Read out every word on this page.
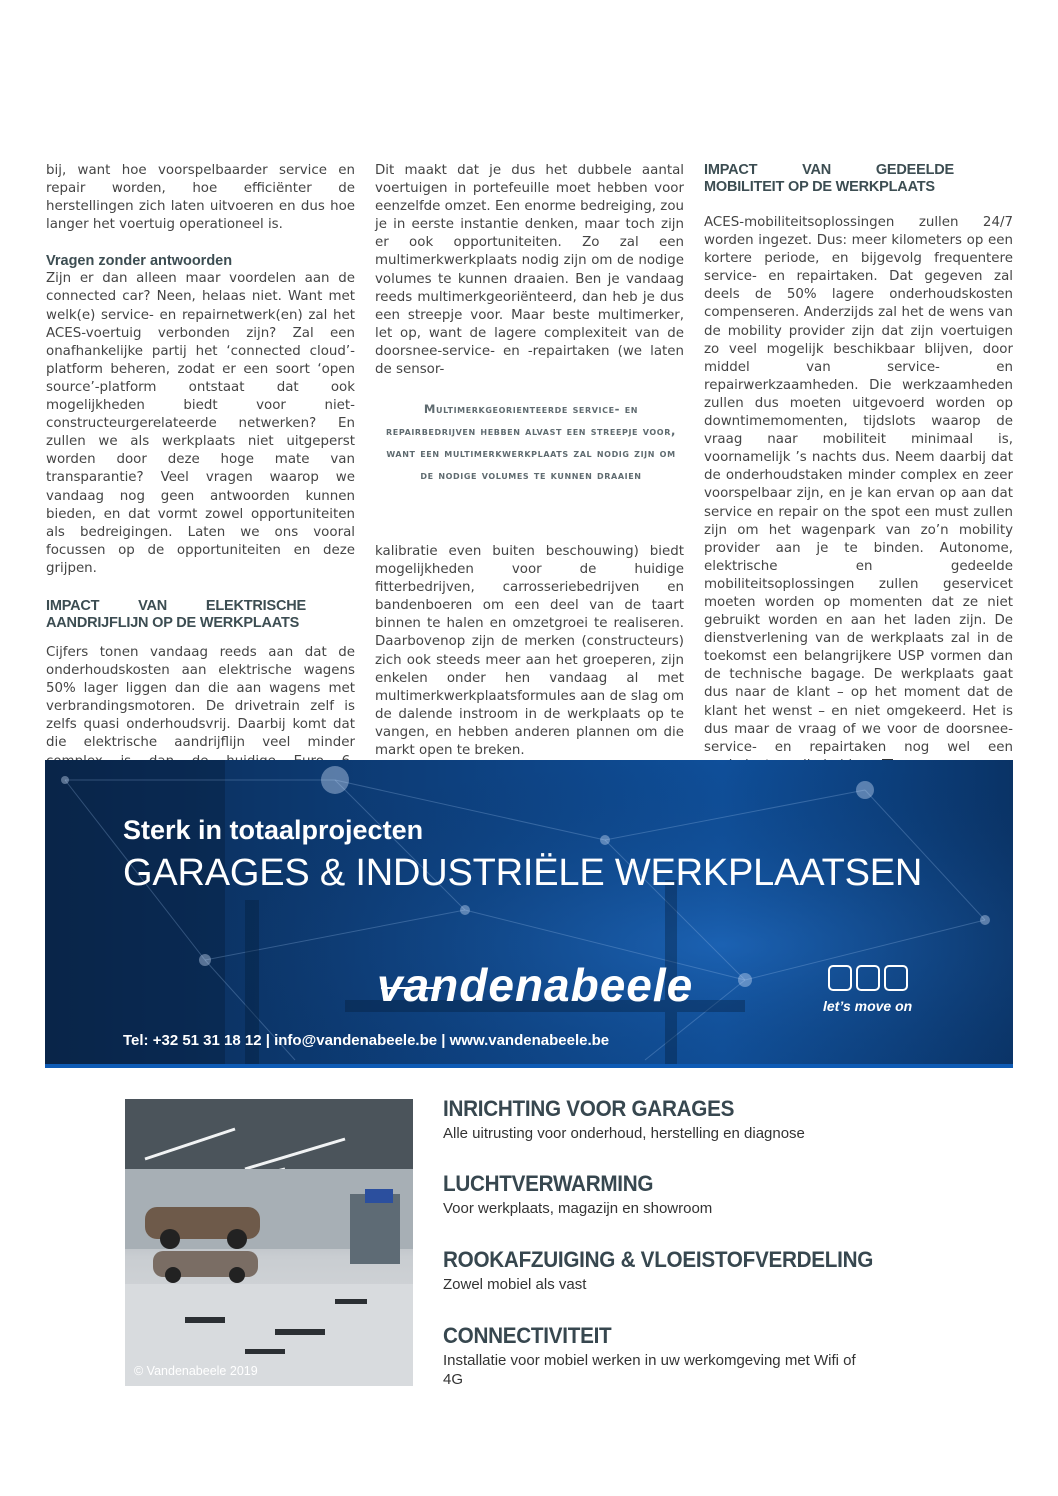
bij, want hoe voorspelbaarder service en repair worden, hoe efficiënter de herstellingen zich laten uitvoeren en dus hoe langer het voertuig operationeel is.

Vragen zonder antwoorden

Zijn er dan alleen maar voordelen aan de connected car? Neen, helaas niet. Want met welk(e) service- en repairnetwerk(en) zal het ACES-voertuig verbonden zijn? Zal een onafhankelijke partij het ‘connected cloud’-platform beheren, zodat er een soort ‘open source’-platform ontstaat dat ook mogelijkheden biedt voor niet-constructeurgerelateerde netwerken? En zullen we als werkplaats niet uitgeperst worden door deze hoge mate van transparantie? Veel vragen waarop we vandaag nog geen antwoorden kunnen bieden, en dat vormt zowel opportuniteiten als bedreigingen. Laten we ons vooral focussen op de opportuniteiten en deze grijpen.

IMPACT VAN ELEKTRISCHE AANDRIJFLIJN OP DE WERKPLAATS

Cijfers tonen vandaag reeds aan dat de onderhoudskosten aan elektrische wagens 50% lager liggen dan die aan wagens met verbrandingsmotoren. De drivetrain zelf is zelfs quasi onderhoudsvrij. Daarbij komt dat die elektrische aandrijflijn veel minder

Dit maakt dat je dus het dubbele aantal voertuigen in portefeuille moet hebben voor eenzelfde omzet. Een enorme bedreiging, zou je in eerste instantie denken, maar toch zijn er ook opportuniteiten. Zo zal een multimerkwerkplaats nodig zijn om de nodige volumes te kunnen draaien. Ben je vandaag reeds multimerkgeoriënteerd, dan heb je dus een streepje voor. Maar beste multimerker, let op, want de lagere complexiteit van de doorsnee-service- en -repairtaken (we laten de sensor-

Multimerkgeorienteerde service- en repairbedrijven hebben alvast een streepje voor, want een multimerkwerkplaats zal nodig zijn om de nodige volumes te kunnen draaien

kalibratie even buiten beschouwing) biedt mogelijkheden voor de huidige fitterbedrijven, carrosseriebedrijven en bandenboeren om een deel van de taart binnen te halen en omzetgroei te realiseren. Daarbovenop zijn de merken (constructeurs) zich ook steeds meer aan het groeperen, zijn enkelen onder hen vandaag al met multimerkwerkplaatsformules aan de slag om de dalende instroom in de werkplaats op te vangen, en hebben anderen plannen om die markt open te breken.

IMPACT VAN GEDEELDE MOBILITEIT OP DE WERKPLAATS

ACES-mobiliteitsoplossingen zullen 24/7 worden ingezet. Dus: meer kilometers op een kortere periode, en bijgevolg frequentere service- en repairtaken. Dat gegeven zal deels de 50% lagere onderhoudskosten compenseren. Anderzijds zal het de wens van de mobility provider zijn dat zijn voertuigen zo veel mogelijk beschikbaar blijven, door middel van service- en repairwerkzaamheden. Die werkzaamheden zullen dus moeten uitgevoerd worden op downtimemomenten, tijdslots waarop de vraag naar mobiliteit minimaal is, voornamelijk ’s nachts dus. Neem daarbij dat de onderhoudstaken minder complex en zeer voorspelbaar zijn, en je kan ervan op aan dat service en repair on the spot een must zullen zijn om het wagenpark van zo’n mobility provider aan je te binden. Autonome, elektrische en gedeelde mobiliteitsoplossingen zullen geservicet moeten worden op momenten dat ze niet gebruikt worden en aan het laden zijn. De dienstverlening van de werkplaats zal in de toekomst een belangrijkere USP vormen dan de technische bagage. De werkplaats gaat dus naar de klant – op het moment dat de klant het wenst – en niet omgekeerd. Het is dus maar de vraag of we voor de doorsnee-service- en repairtaken nog wel een

Sterk in totaalprojecten
GARAGES & INDUSTRIËLE WERKPLAATSEN
vandenabeele	let’s move on
Tel: +32 51 31 18 12 | info@vandenabeele.be | www.vandenabeele.be
© Vandenabeele 2019
INRICHTING VOOR GARAGES

Alle uitrusting voor onderhoud, herstelling en diagnose

LUCHTVERWARMING

Voor werkplaats, magazijn en showroom

ROOKAFZUIGING & VLOEISTOFVERDELING

Zowel mobiel als vast

CONNECTIVITEIT

Installatie voor mobiel werken in uw werkomgeving met Wifi of 4G
